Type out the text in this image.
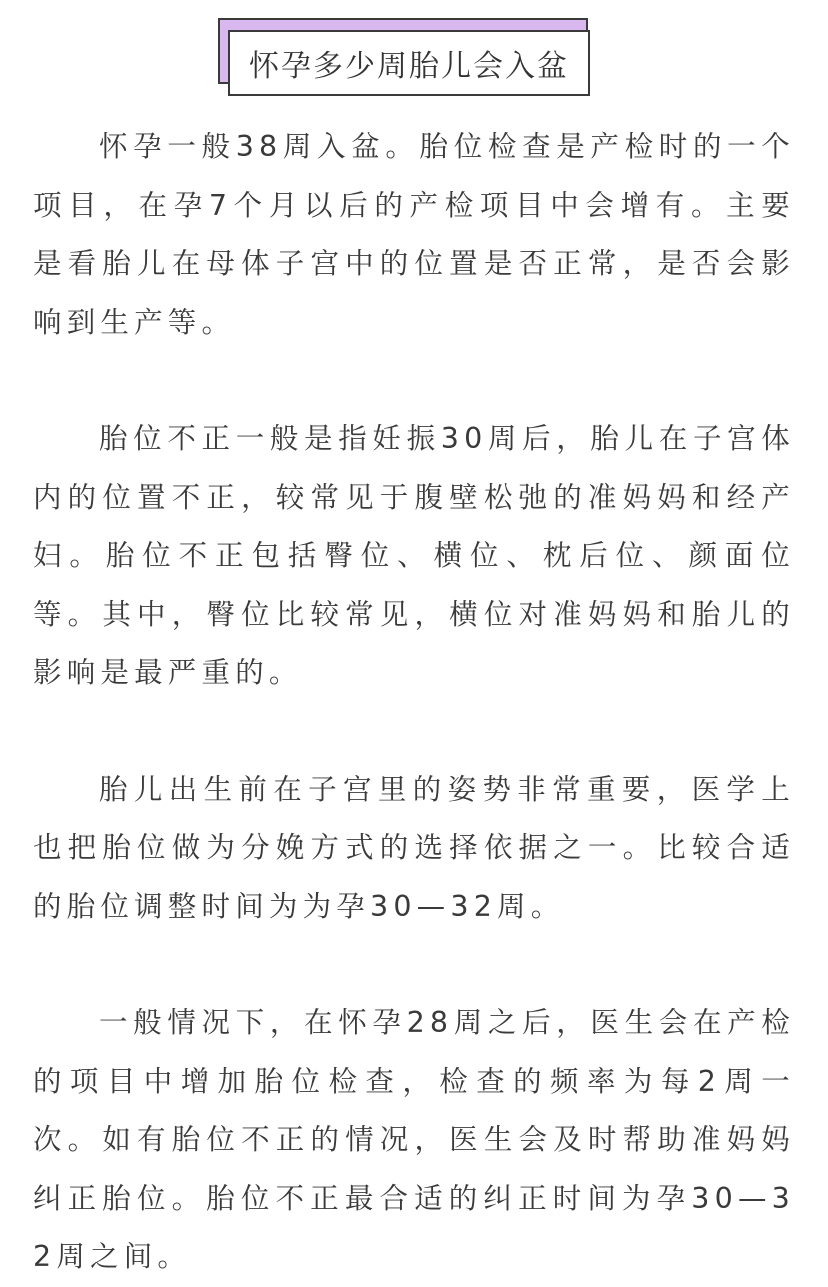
怀孕多少周胎儿会入盆

怀孕一般38周入盆。胎位检查是产检时的一个项目，在孕7个月以后的产检项目中会增有。主要是看胎儿在母体子宫中的位置是否正常，是否会影响到生产等。

胎位不正一般是指妊振30周后，胎儿在子宫体内的位置不正，较常见于腹壁松弛的准妈妈和经产妇。胎位不正包括臀位、横位、枕后位、颜面位等。其中，臀位比较常见，横位对准妈妈和胎儿的影响是最严重的。

胎儿出生前在子宫里的姿势非常重要，医学上也把胎位做为分娩方式的选择依据之一。比较合适的胎位调整时间为为孕30—32周。

一般情况下，在怀孕28周之后，医生会在产检的项目中增加胎位检查，检查的频率为每2周一次。如有胎位不正的情况，医生会及时帮助准妈妈纠正胎位。胎位不正最合适的纠正时间为孕30—32周之间。
